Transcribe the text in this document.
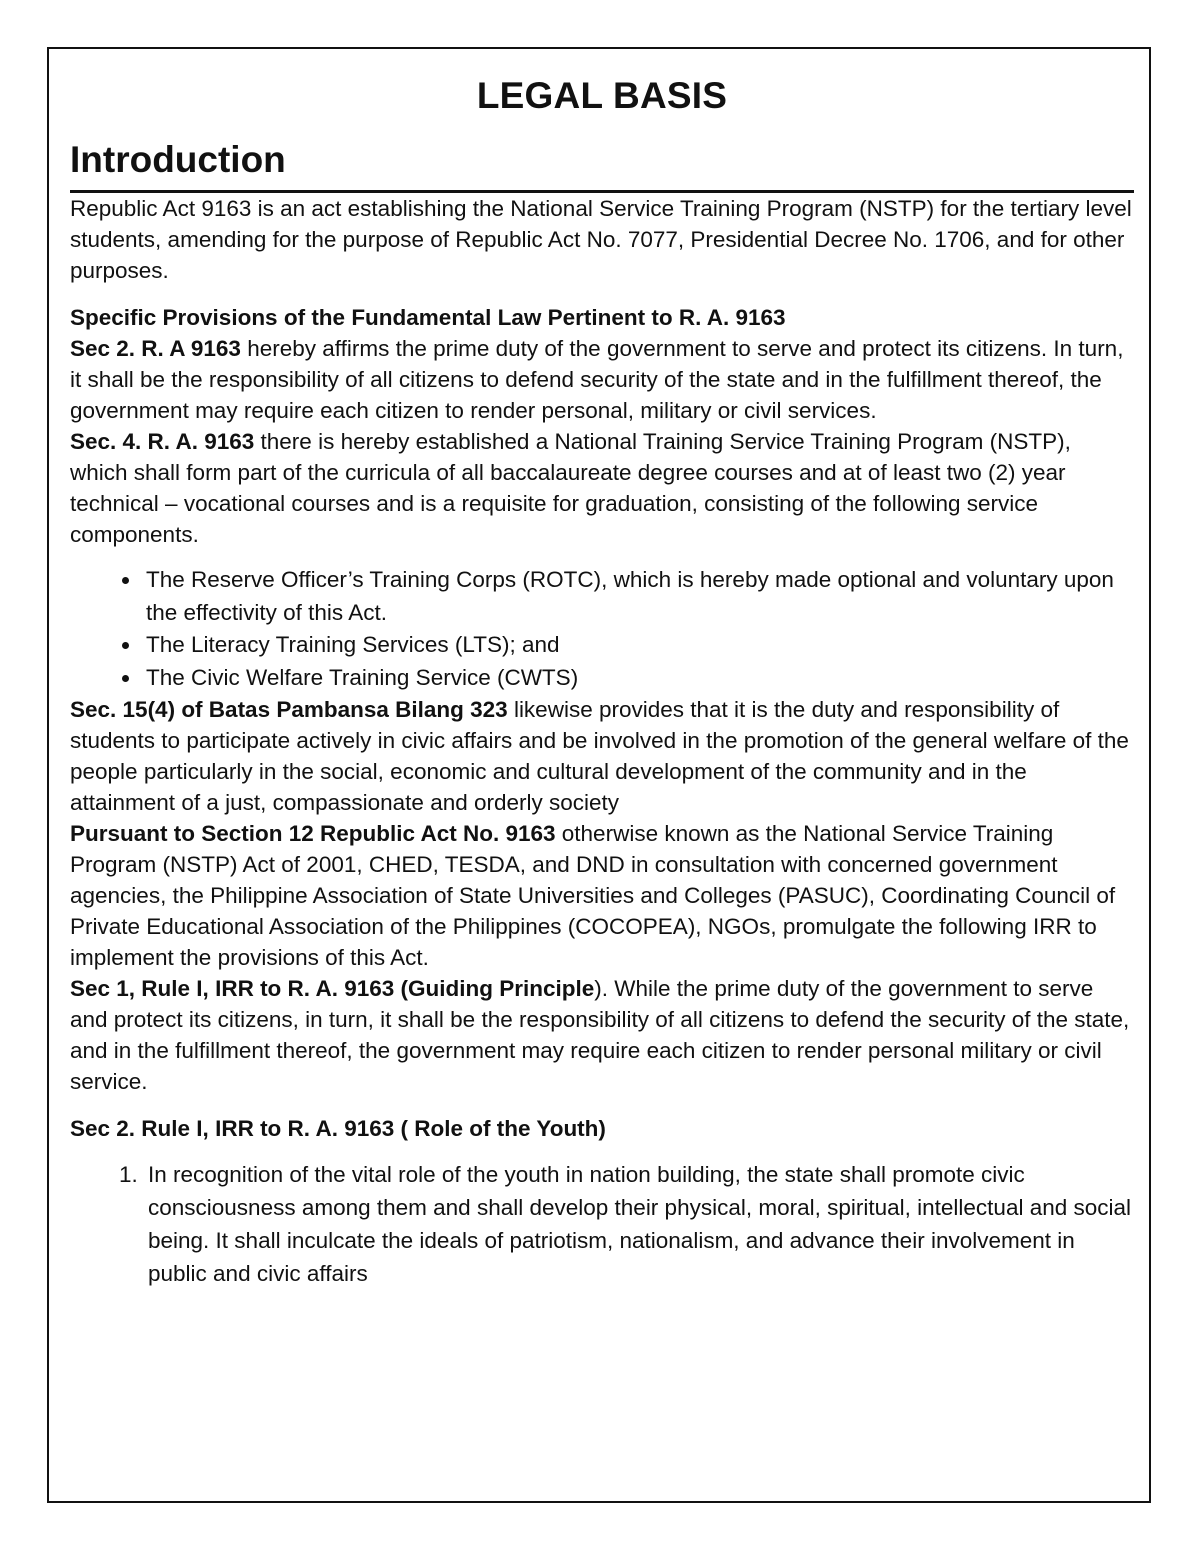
LEGAL BASIS
Introduction

Republic Act 9163 is an act establishing the National Service Training Program (NSTP) for the tertiary level students, amending for the purpose of Republic Act No. 7077, Presidential Decree No. 1706, and for other purposes.

Specific Provisions of the Fundamental Law Pertinent to R. A. 9163

Sec 2. R. A 9163 hereby affirms the prime duty of the government to serve and protect its citizens. In turn, it shall be the responsibility of all citizens to defend security of the state and in the fulfillment thereof, the government may require each citizen to render personal, military or civil services.

Sec. 4. R. A. 9163 there is hereby established a National Training Service Training Program (NSTP), which shall form part of the curricula of all baccalaureate degree courses and at of least two (2) year technical – vocational courses and is a requisite for graduation, consisting of the following service components.

• The Reserve Officer’s Training Corps (ROTC), which is hereby made optional and voluntary upon the effectivity of this Act.
• The Literacy Training Services (LTS); and
• The Civic Welfare Training Service (CWTS)

Sec. 15(4) of Batas Pambansa Bilang 323 likewise provides that it is the duty and responsibility of students to participate actively in civic affairs and be involved in the promotion of the general welfare of the people particularly in the social, economic and cultural development of the community and in the attainment of a just, compassionate and orderly society

Pursuant to Section 12 Republic Act No. 9163 otherwise known as the National Service Training Program (NSTP) Act of 2001, CHED, TESDA, and DND in consultation with concerned government agencies, the Philippine Association of State Universities and Colleges (PASUC), Coordinating Council of Private Educational Association of the Philippines (COCOPEA), NGOs, promulgate the following IRR to implement the provisions of this Act.

Sec 1, Rule I, IRR to R. A. 9163 (Guiding Principle). While the prime duty of the government to serve and protect its citizens, in turn, it shall be the responsibility of all citizens to defend the security of the state, and in the fulfillment thereof, the government may require each citizen to render personal military or civil service.

Sec 2. Rule I, IRR to R. A. 9163 ( Role of the Youth)
1. In recognition of the vital role of the youth in nation building, the state shall promote civic consciousness among them and shall develop their physical, moral, spiritual, intellectual and social being. It shall inculcate the ideals of patriotism, nationalism, and advance their involvement in public and civic affairs
